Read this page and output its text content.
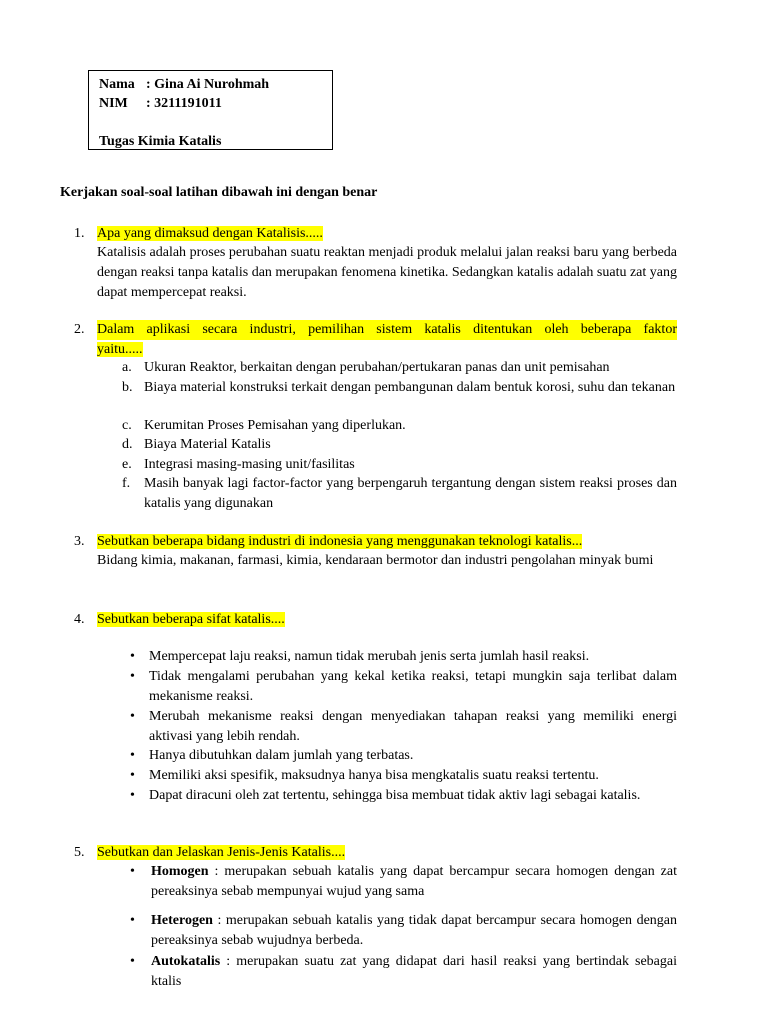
Nama : Gina Ai Nurohmah
NIM : 3211191011
Tugas Kimia Katalis
Kerjakan soal-soal latihan dibawah ini dengan benar
1. Apa yang dimaksud dengan Katalisis.....
Katalisis adalah proses perubahan suatu reaktan menjadi produk melalui jalan reaksi baru yang berbeda dengan reaksi tanpa katalis dan merupakan fenomena kinetika. Sedangkan katalis adalah suatu zat yang dapat mempercepat reaksi.
2. Dalam aplikasi secara industri, pemilihan sistem katalis ditentukan oleh beberapa faktor
yaitu.....
a. Ukuran Reaktor, berkaitan dengan perubahan/pertukaran panas dan unit pemisahan
b. Biaya material konstruksi terkait dengan pembangunan dalam bentuk korosi, suhu dan tekanan
c. Kerumitan Proses Pemisahan yang diperlukan.
d. Biaya Material Katalis
e. Integrasi masing-masing unit/fasilitas
f. Masih banyak lagi factor-factor yang berpengaruh tergantung dengan sistem reaksi proses dan katalis yang digunakan
3. Sebutkan beberapa bidang industri di indonesia yang menggunakan teknologi katalis...
Bidang kimia, makanan, farmasi, kimia, kendaraan bermotor dan industri pengolahan minyak bumi
4. Sebutkan beberapa sifat katalis....
• Mempercepat laju reaksi, namun tidak merubah jenis serta jumlah hasil reaksi.
• Tidak mengalami perubahan yang kekal ketika reaksi, tetapi mungkin saja terlibat dalam mekanisme reaksi.
• Merubah mekanisme reaksi dengan menyediakan tahapan reaksi yang memiliki energi aktivasi yang lebih rendah.
• Hanya dibutuhkan dalam jumlah yang terbatas.
• Memiliki aksi spesifik, maksudnya hanya bisa mengkatalis suatu reaksi tertentu.
• Dapat diracuni oleh zat tertentu, sehingga bisa membuat tidak aktiv lagi sebagai katalis.
5. Sebutkan dan Jelaskan Jenis-Jenis Katalis....
• Homogen : merupakan sebuah katalis yang dapat bercampur secara homogen dengan zat pereaksinya sebab mempunyai wujud yang sama
• Heterogen : merupakan sebuah katalis yang tidak dapat bercampur secara homogen dengan pereaksinya sebab wujudnya berbeda.
• Autokatalis : merupakan suatu zat yang didapat dari hasil reaksi yang bertindak sebagai ktalis
